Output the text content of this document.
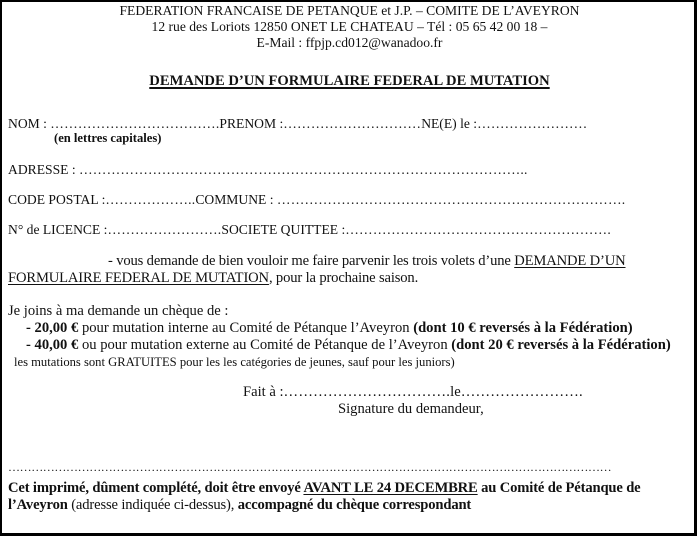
FEDERATION FRANCAISE DE PETANQUE et J.P. – COMITE DE L’AVEYRON
12 rue des Loriots 12850 ONET LE CHATEAU – Tél : 05 65 42 00 18 –
E-Mail : ffpjp.cd012@wanadoo.fr
DEMANDE D’UN FORMULAIRE FEDERAL DE MUTATION
NOM : ……………………………….PRENOM :…………………………NE(E) le :……………………
(en lettres capitales)
ADRESSE : ……………………………………………………………………………………..
CODE POSTAL :………………..COMMUNE : ………………………………………………………………….
N° de LICENCE :…………………….SOCIETE QUITTEE :………………………………………………….
- vous demande de bien vouloir me faire parvenir les trois volets d’une DEMANDE D’UN
FORMULAIRE FEDERAL DE MUTATION, pour la prochaine saison.
Je joins à ma demande un chèque de :
- 20,00 € pour mutation interne au Comité de Pétanque l’Aveyron (dont 10 € reversés à la Fédération)
- 40,00 € ou pour mutation externe au Comité de Pétanque de l’Aveyron (dont 20 € reversés à la Fédération)
les mutations sont GRATUITES pour les les catégories de jeunes, sauf pour les juniors)
Fait à :…………………………….le…………………….
Signature du demandeur,
…………………………………………………………………………………………………………………………………………
Cet imprimé, dûment complété, doit être envoyé AVANT LE 24 DECEMBRE au Comité de Pétanque de
l’Aveyron (adresse indiquée ci-dessus), accompagné du chèque correspondant
